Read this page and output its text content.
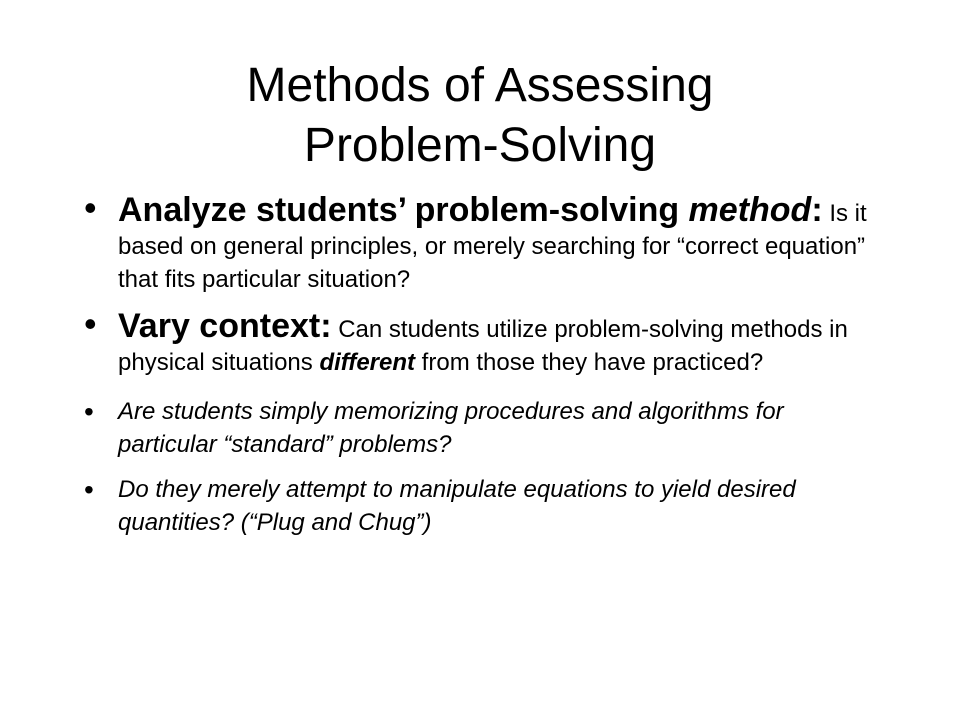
Methods of Assessing
Problem-Solving
• Analyze students’ problem-solving method: Is it based on general principles, or merely searching for “correct equation” that fits particular situation?
• Vary context: Can students utilize problem-solving methods in physical situations different from those they have practiced?
• Are students simply memorizing procedures and algorithms for particular “standard” problems?
• Do they merely attempt to manipulate equations to yield desired quantities? (“Plug and Chug”)
